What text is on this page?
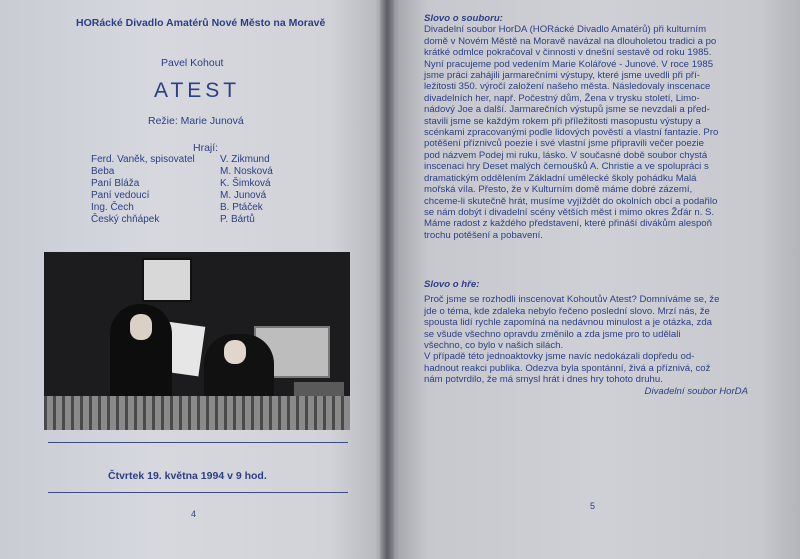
HORácké Divadlo Amatérů Nové Město na Moravě
Pavel Kohout
ATEST
Režie: Marie Junová
Hrají:
Ferd. Vaněk, spisovatel	V. Zikmund
Beba	M. Nosková
Paní Bláža	K. Šimková
Paní vedoucí	M. Junová
Ing. Čech	B. Ptáček
Český chňápek	P. Bártů
Čtvrtek 19. května 1994 v 9 hod.
4
Slovo o souboru:
Divadelní soubor HorDA (HORácké Divadlo Amatérů) při kulturním
domě v Novém Městě na Moravě navázal na dlouholetou tradici a po
krátké odmlce pokračoval v činnosti v dnešní sestavě od roku 1985.
Nyní pracujeme pod vedením Marie Kolářové - Junové. V roce 1985
jsme práci zahájili jarmarečními výstupy, které jsme uvedli při pří-
ležitosti 350. výročí založení našeho města. Následovaly inscenace
divadelních her, např. Počestný dům, Žena v trysku století, Limo-
nádový Joe a další. Jarmarečních výstupů jsme se nevzdali a před-
stavili jsme se každým rokem při příležitosti masopustu výstupy a
scénkami zpracovanými podle lidových pověstí a vlastní fantazie. Pro
potěšení příznivců poezie i své vlastní jsme připravili večer poezie
pod názvem Podej mi ruku, lásko. V současné době soubor chystá
inscenaci hry Deset malých černoušků A. Christie a ve spolupráci s
dramatickým oddělením Základní umělecké školy pohádku Malá
mořská víla. Přesto, že v Kulturním domě máme dobré zázemí,
chceme-li skutečně hrát, musíme vyjíždět do okolních obcí a podařilo
se nám dobýt i divadelní scény větších měst i mimo okres Žďár n. S.
Máme radost z každého představení, které přináší divákům alespoň
trochu potěšení a pobavení.
Slovo o hře:
Proč jsme se rozhodli inscenovat Kohoutův Atest? Domníváme se, že
jde o téma, kde zdaleka nebylo řečeno poslední slovo. Mrzí nás, že
spousta lidí rychle zapomíná na nedávnou minulost a je otázka, zda
se všude všechno opravdu změnilo a zda jsme pro to udělali
všechno, co bylo v našich silách.
V případě této jednoaktovky jsme navíc nedokázali dopředu od-
hadnout reakci publika. Odezva byla spontánní, živá a příznivá, což
nám potvrdilo, že má smysl hrát i dnes hry tohoto druhu.
Divadelní soubor HorDA
5
